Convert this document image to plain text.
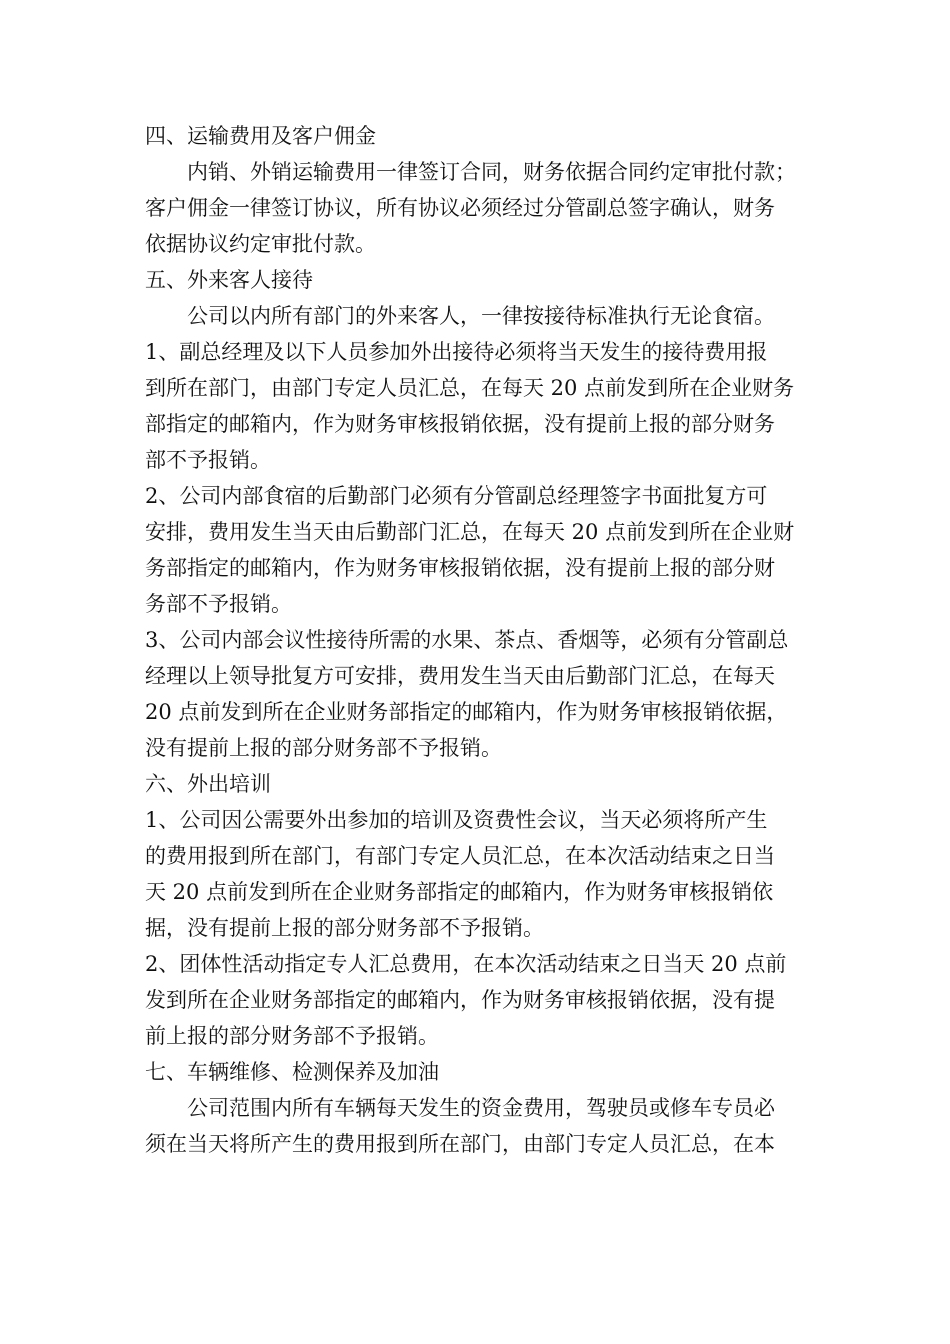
四、运输费用及客户佣金
内销、外销运输费用一律签订合同，财务依据合同约定审批付款；
客户佣金一律签订协议，所有协议必须经过分管副总签字确认，财务
依据协议约定审批付款。
五、外来客人接待
公司以内所有部门的外来客人，一律按接待标准执行无论食宿。
1、副总经理及以下人员参加外出接待必须将当天发生的接待费用报
到所在部门，由部门专定人员汇总，在每天 20 点前发到所在企业财务
部指定的邮箱内，作为财务审核报销依据，没有提前上报的部分财务
部不予报销。
2、公司内部食宿的后勤部门必须有分管副总经理签字书面批复方可
安排，费用发生当天由后勤部门汇总，在每天 20 点前发到所在企业财
务部指定的邮箱内，作为财务审核报销依据，没有提前上报的部分财
务部不予报销。
3、公司内部会议性接待所需的水果、茶点、香烟等，必须有分管副总
经理以上领导批复方可安排，费用发生当天由后勤部门汇总，在每天
20 点前发到所在企业财务部指定的邮箱内，作为财务审核报销依据，
没有提前上报的部分财务部不予报销。
六、外出培训
1、公司因公需要外出参加的培训及资费性会议，当天必须将所产生
的费用报到所在部门，有部门专定人员汇总，在本次活动结束之日当
天 20 点前发到所在企业财务部指定的邮箱内，作为财务审核报销依
据，没有提前上报的部分财务部不予报销。
2、团体性活动指定专人汇总费用，在本次活动结束之日当天 20 点前
发到所在企业财务部指定的邮箱内，作为财务审核报销依据，没有提
前上报的部分财务部不予报销。
七、车辆维修、检测保养及加油
公司范围内所有车辆每天发生的资金费用，驾驶员或修车专员必
须在当天将所产生的费用报到所在部门，由部门专定人员汇总，在本
